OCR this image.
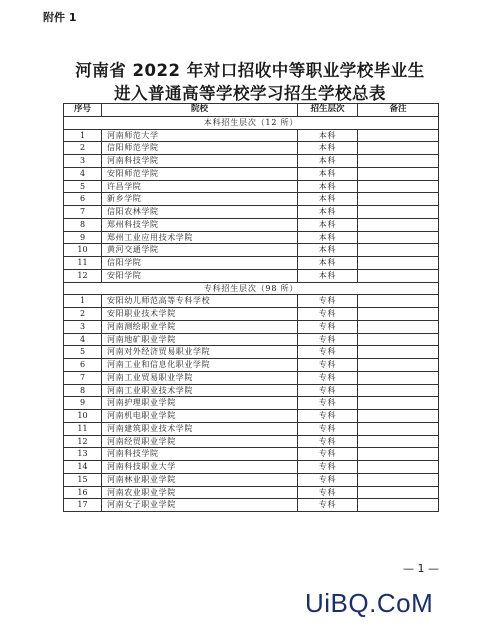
附件 1
河南省 2022 年对口招收中等职业学校毕业生
进入普通高等学校学习招生学校总表
序号	院校	招生层次	备注
本科招生层次（12 所）			
1	河南师范大学	本科	
2	信阳师范学院	本科	
3	河南科技学院	本科	
4	安阳师范学院	本科	
5	许昌学院	本科	
6	新乡学院	本科	
7	信阳农林学院	本科	
8	郑州科技学院	本科	
9	郑州工业应用技术学院	本科	
10	黄河交通学院	本科	
11	信阳学院	本科	
12	安阳学院	本科	
专科招生层次（98 所）			
1	安阳幼儿师范高等专科学校	专科	
2	安阳职业技术学院	专科	
3	河南测绘职业学院	专科	
4	河南地矿职业学院	专科	
5	河南对外经济贸易职业学院	专科	
6	河南工业和信息化职业学院	专科	
7	河南工业贸易职业学院	专科	
8	河南工业职业技术学院	专科	
9	河南护理职业学院	专科	
10	河南机电职业学院	专科	
11	河南建筑职业技术学院	专科	
12	河南经贸职业学院	专科	
13	河南科技学院	专科	
14	河南科技职业大学	专科	
15	河南林业职业学院	专科	
16	河南农业职业学院	专科	
17	河南女子职业学院	专科	
— 1 —
UiBQ.CoM
